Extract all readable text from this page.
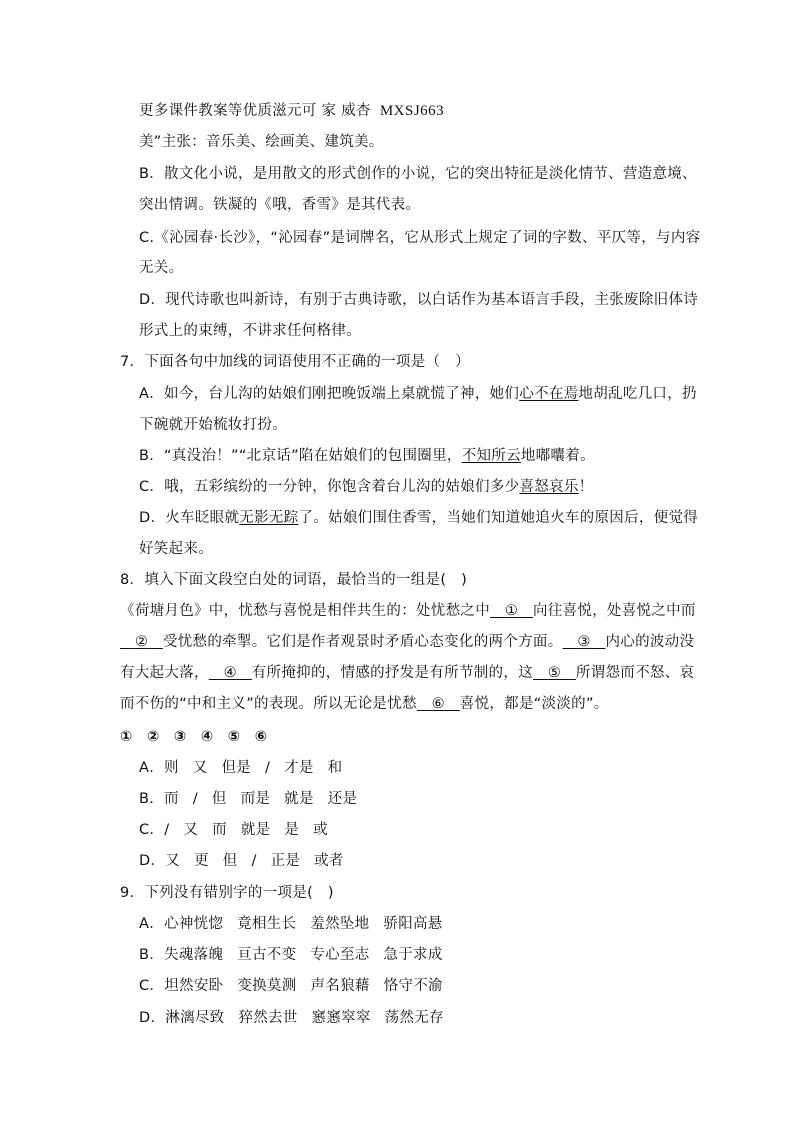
更多课件教案等优质滋元可 家 威杏 MXSJ663
美”主张：音乐美、绘画美、建筑美。
B．散文化小说，是用散文的形式创作的小说，它的突出特征是淡化情节、营造意境、
突出情调。铁凝的《哦，香雪》是其代表。
C.《沁园春·长沙》，“沁园春”是词牌名，它从形式上规定了词的字数、平仄等，与内容
无关。
D．现代诗歌也叫新诗，有别于古典诗歌，以白话作为基本语言手段，主张废除旧体诗
形式上的束缚，不讲求任何格律。
7．下面各句中加线的词语使用不正确的一项是（　）
A．如今，台儿沟的姑娘们刚把晚饭端上桌就慌了神，她们心不在焉地胡乱吃几口，扔
下碗就开始梳妆打扮。
B．“真没治！”“北京话”陷在姑娘们的包围圈里，不知所云地嘟囔着。
C．哦，五彩缤纷的一分钟，你饱含着台儿沟的姑娘们多少喜怒哀乐！
D．火车眨眼就无影无踪了。姑娘们围住香雪，当她们知道她追火车的原因后，便觉得
好笑起来。
8．填入下面文段空白处的词语，最恰当的一组是(　)
《荷塘月色》中，忧愁与喜悦是相伴共生的：处忧愁之中  ①  向往喜悦，处喜悦之中而
 ②  受忧愁的牵掣。它们是作者观景时矛盾心态变化的两个方面。  ③  内心的波动没
有大起大落，  ④  有所掩抑的，情感的抒发是有所节制的，这  ⑤  所谓怨而不怒、哀
而不伤的“中和主义”的表现。所以无论是忧愁  ⑥  喜悦，都是“淡淡的”。
① ② ③ ④ ⑤ ⑥
A．则 又 但是 / 才是 和
B．而 / 但 而是 就是 还是
C．/ 又 而 就是 是 或
D．又 更 但 / 正是 或者
9．下列没有错别字的一项是(　)
A．心神恍惚 竟相生长 羞然坠地 骄阳高悬
B．失魂落魄 亘古不变 专心至志 急于求成
C．坦然安卧 变换莫测 声名狼藉 恪守不渝
D．淋漓尽致 猝然去世 窸窸窣窣 荡然无存
